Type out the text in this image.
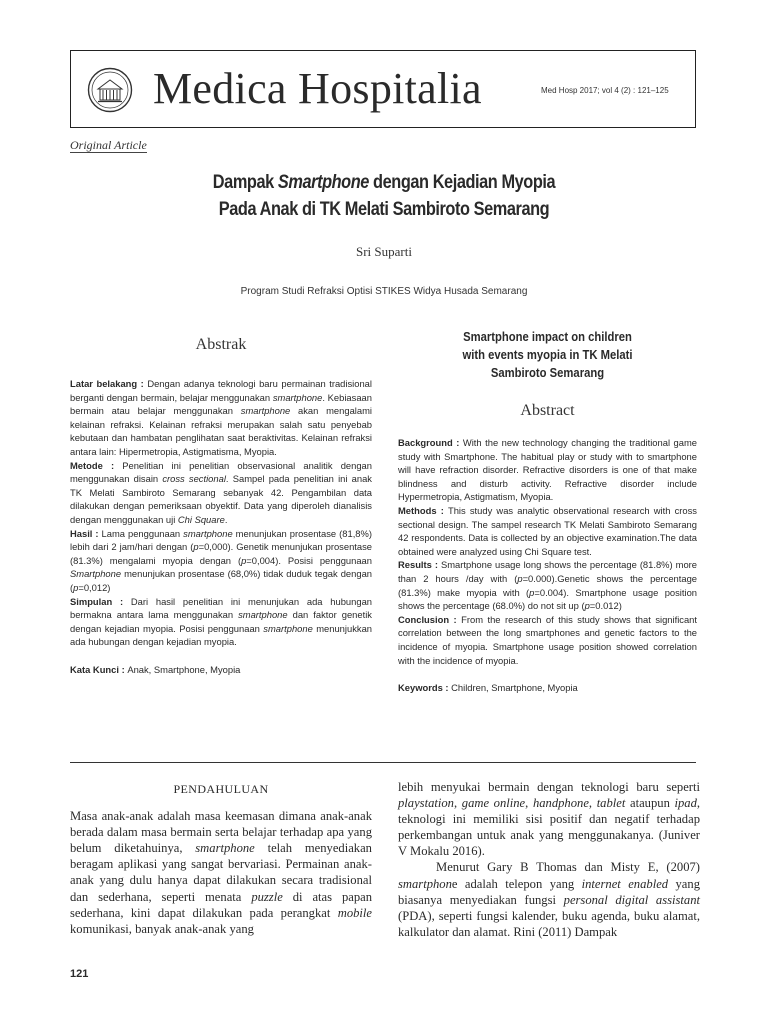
Medica Hospitalia	Med Hosp 2017; vol 4 (2) : 121–125
Original Article
Dampak Smartphone dengan Kejadian Myopia
Pada Anak di TK Melati Sambiroto Semarang
Sri Suparti
Program Studi Refraksi Optisi STIKES Widya Husada Semarang
Abstrak

Latar belakang : Dengan adanya teknologi baru permainan tradisional berganti dengan bermain, belajar menggunakan smartphone. Kebiasaan bermain atau belajar menggunakan smartphone akan mengalami kelainan refraksi. Kelainan refraksi merupakan salah satu penyebab kebutaan dan hambatan penglihatan saat beraktivitas. Kelainan refraksi antara lain: Hipermetropia, Astigmatisma, Myopia.

Metode : Penelitian ini penelitian observasional analitik dengan menggunakan disain cross sectional. Sampel pada penelitian ini anak TK Melati Sambiroto Semarang sebanyak 42. Pengambilan data dilakukan dengan pemeriksaan obyektif. Data yang diperoleh dianalisis dengan menggunakan uji Chi Square.

Hasil : Lama penggunaan smartphone menunjukan prosentase (81,8%) lebih dari 2 jam/hari dengan (p=0,000). Genetik menunjukan prosentase (81.3%) mengalami myopia dengan (p=0,004). Posisi penggunaan Smartphone menunjukan prosentase (68,0%) tidak duduk tegak dengan (p=0,012)

Simpulan : Dari hasil penelitian ini menunjukan ada hubungan bermakna antara lama menggunakan smartphone dan faktor genetik dengan kejadian myopia. Posisi penggunaan smartphone menunjukkan ada hubungan dengan kejadian myopia.

Kata Kunci : Anak, Smartphone, Myopia
Smartphone impact on children
with events myopia in TK Melati
Sambiroto Semarang
Abstract

Background : With the new technology changing the traditional game study with Smartphone. The habitual play or study with to smartphone will have refraction disorder. Refractive disorders is one of that make blindness and disturb activity. Refractive disorder include Hypermetropia, Astigmatism, Myopia.

Methods : This study was analytic observational research with cross sectional design. The sampel research TK Melati Sambiroto Semarang 42 respondents. Data is collected by an objective examination.The data obtained were analyzed using Chi Square test.

Results : Smartphone usage long shows the percentage (81.8%) more than 2 hours /day with (p=0.000).Genetic shows the percentage (81.3%) make myopia with (p=0.004). Smartphone usage position shows the percentage (68.0%) do not sit up (p=0.012)

Conclusion : From the research of this study shows that significant correlation between the long smartphones and genetic factors to the incidence of myopia. Smartphone usage position showed correlation with the incidence of myopia.

Keywords : Children, Smartphone, Myopia
PENDAHULUAN

Masa anak-anak adalah masa keemasan dimana anak-anak berada dalam masa bermain serta belajar terhadap apa yang belum diketahuinya, smartphone telah menyediakan beragam aplikasi yang sangat bervariasi. Permainan anak-anak yang dulu hanya dapat dilakukan secara tradisional dan sederhana, seperti menata puzzle di atas papan sederhana, kini dapat dilakukan pada perangkat mobile komunikasi, banyak anak-anak yang

lebih menyukai bermain dengan teknologi baru seperti playstation, game online, handphone, tablet ataupun ipad, teknologi ini memiliki sisi positif dan negatif terhadap perkembangan untuk anak yang menggunakanya. (Juniver V Mokalu 2016).

Menurut Gary B Thomas dan Misty E, (2007) smartphone adalah telepon yang internet enabled yang biasanya menyediakan fungsi personal digital assistant (PDA), seperti fungsi kalender, buku agenda, buku alamat, kalkulator dan alamat. Rini (2011) Dampak

121
